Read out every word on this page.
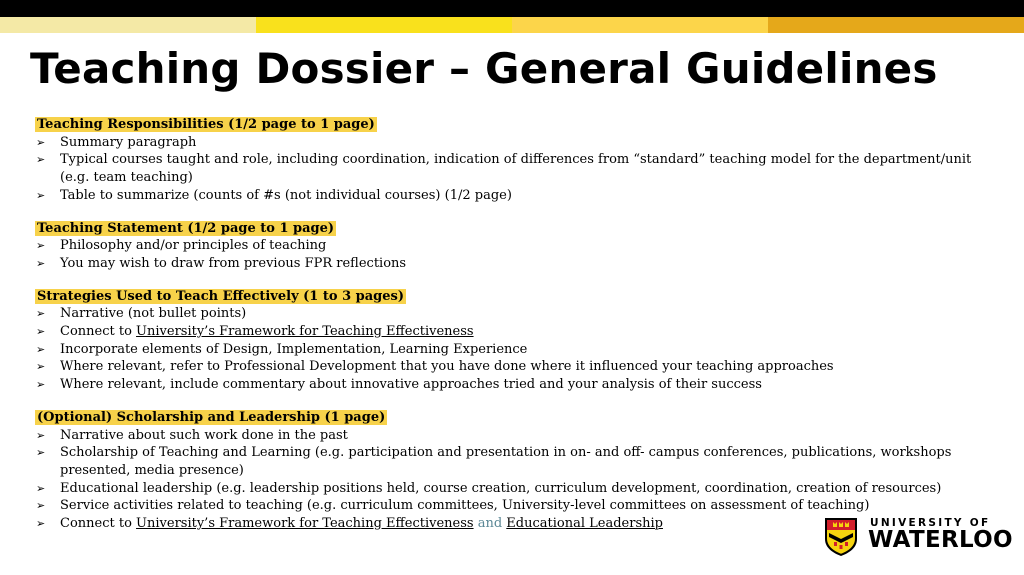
Teaching Dossier – General Guidelines
Teaching Responsibilities (1/2 page to 1 page)
➢ Summary paragraph
➢ Typical courses taught and role, including coordination, indication of differences from “standard” teaching model for the department/unit (e.g. team teaching)
➢ Table to summarize (counts of #s (not individual courses) (1/2 page)
Teaching Statement (1/2 page to 1 page)
➢ Philosophy and/or principles of teaching
➢ You may wish to draw from previous FPR reflections
Strategies Used to Teach Effectively (1 to 3 pages)
➢ Narrative (not bullet points)
➢ Connect to University’s Framework for Teaching Effectiveness
➢ Incorporate elements of Design, Implementation, Learning Experience
➢ Where relevant, refer to Professional Development that you have done where it influenced your teaching approaches
➢ Where relevant, include commentary about innovative approaches tried and your analysis of their success
(Optional) Scholarship and Leadership (1 page)
➢ Narrative about such work done in the past
➢ Scholarship of Teaching and Learning (e.g. participation and presentation in on- and off- campus conferences, publications, workshops presented, media presence)
➢ Educational leadership (e.g. leadership positions held, course creation, curriculum development, coordination, creation of resources)
➢ Service activities related to teaching (e.g. curriculum committees, University-level committees on assessment of teaching)
➢ Connect to University’s Framework for Teaching Effectiveness and Educational Leadership	UNIVERSITY OF
WATERLOO
